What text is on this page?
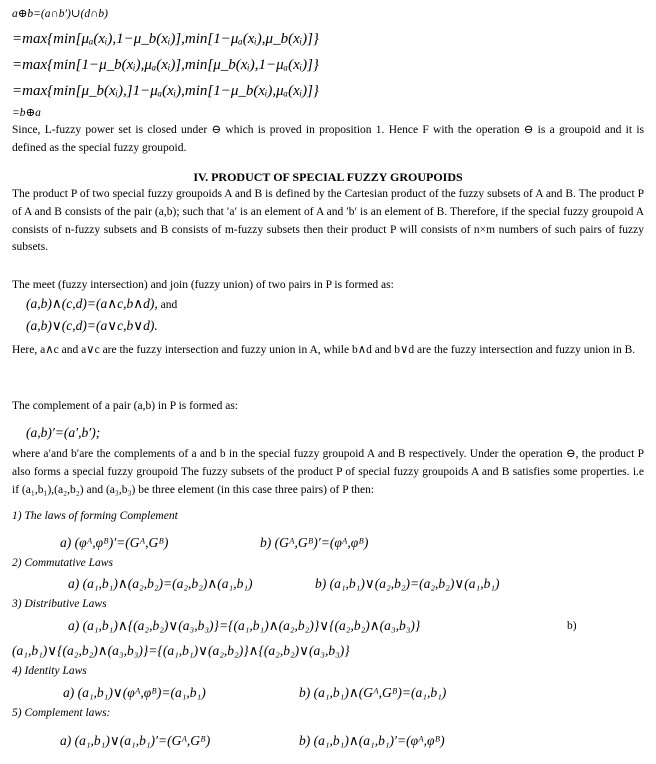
a⊕b=(a∩b′)∪(d∩b)
=max{min[μₐ(xᵢ),1−μ_b(xᵢ)],min[1−μₐ(xᵢ),μ_b(xᵢ)]}
=max{min[1−μ_b(xᵢ),μₐ(xᵢ)],min[μ_b(xᵢ),1−μₐ(xᵢ)]}
=max{min[μ_b(xᵢ),]1−μₐ(xᵢ),min[1−μ_b(xᵢ),μₐ(xᵢ)]}
=b⊕a
Since, L-fuzzy power set is closed under ⊖ which is proved in proposition 1. Hence F with the operation ⊖ is a groupoid and it is defined as the special fuzzy groupoid.
IV. PRODUCT OF SPECIAL FUZZY GROUPOIDS
The product P of two special fuzzy groupoids A and B is defined by the Cartesian product of the fuzzy subsets of A and B. The product P of A and B consists of the pair (a,b); such that ′a′ is an element of A and ′b′ is an element of B. Therefore, if the special fuzzy groupoid A consists of n-fuzzy subsets and B consists of m-fuzzy subsets then their product P will consists of n×m numbers of such pairs of fuzzy subsets.
The meet (fuzzy intersection) and join (fuzzy union) of two pairs in P is formed as:
(a,b)∧(c,d)=(a∧c,b∧d), and
(a,b)∨(c,d)=(a∨c,b∨d).
Here, a∧c and a∨c are the fuzzy intersection and fuzzy union in A, while b∧d and b∨d are the fuzzy intersection and fuzzy union in B.
The complement of a pair (a,b) in P is formed as:
(a,b)′=(a′,b′);
where a′and b′are the complements of a and b in the special fuzzy groupoid A and B respectively. Under the operation ⊖, the product P also forms a special fuzzy groupoid The fuzzy subsets of the product P of special fuzzy groupoids A and B satisfies some properties. i.e if (a₁,b₁),(a₂,b₂) and (a₃,b₃) be three element (in this case three pairs) of P then:
1) The laws of forming Complement
a) (φᴬ,φᴮ)′=(Gᴬ,Gᴮ)	b) (Gᴬ,Gᴮ)′=(φᴬ,φᴮ)
2) Commutative Laws
a) (a₁,b₁)∧(a₂,b₂)=(a₂,b₂)∧(a₁,b₁)	b) (a₁,b₁)∨(a₂,b₂)=(a₂,b₂)∨(a₁,b₁)
3) Distributive Laws
a) (a₁,b₁)∧{(a₂,b₂)∨(a₃,b₃)}={(a₁,b₁)∧(a₂,b₂)}∨{(a₂,b₂)∧(a₃,b₃)}	b)
(a₁,b₁)∨{(a₂,b₂)∧(a₃,b₃)}={(a₁,b₁)∨(a₂,b₂)}∧{(a₂,b₂)∨(a₃,b₃)}
4) Identity Laws
a) (a₁,b₁)∨(φᴬ,φᴮ)=(a₁,b₁)	b) (a₁,b₁)∧(Gᴬ,Gᴮ)=(a₁,b₁)
5) Complement laws:
a) (a₁,b₁)∨(a₁,b₁)′=(Gᴬ,Gᴮ)	b) (a₁,b₁)∧(a₁,b₁)′=(φᴬ,φᴮ)
